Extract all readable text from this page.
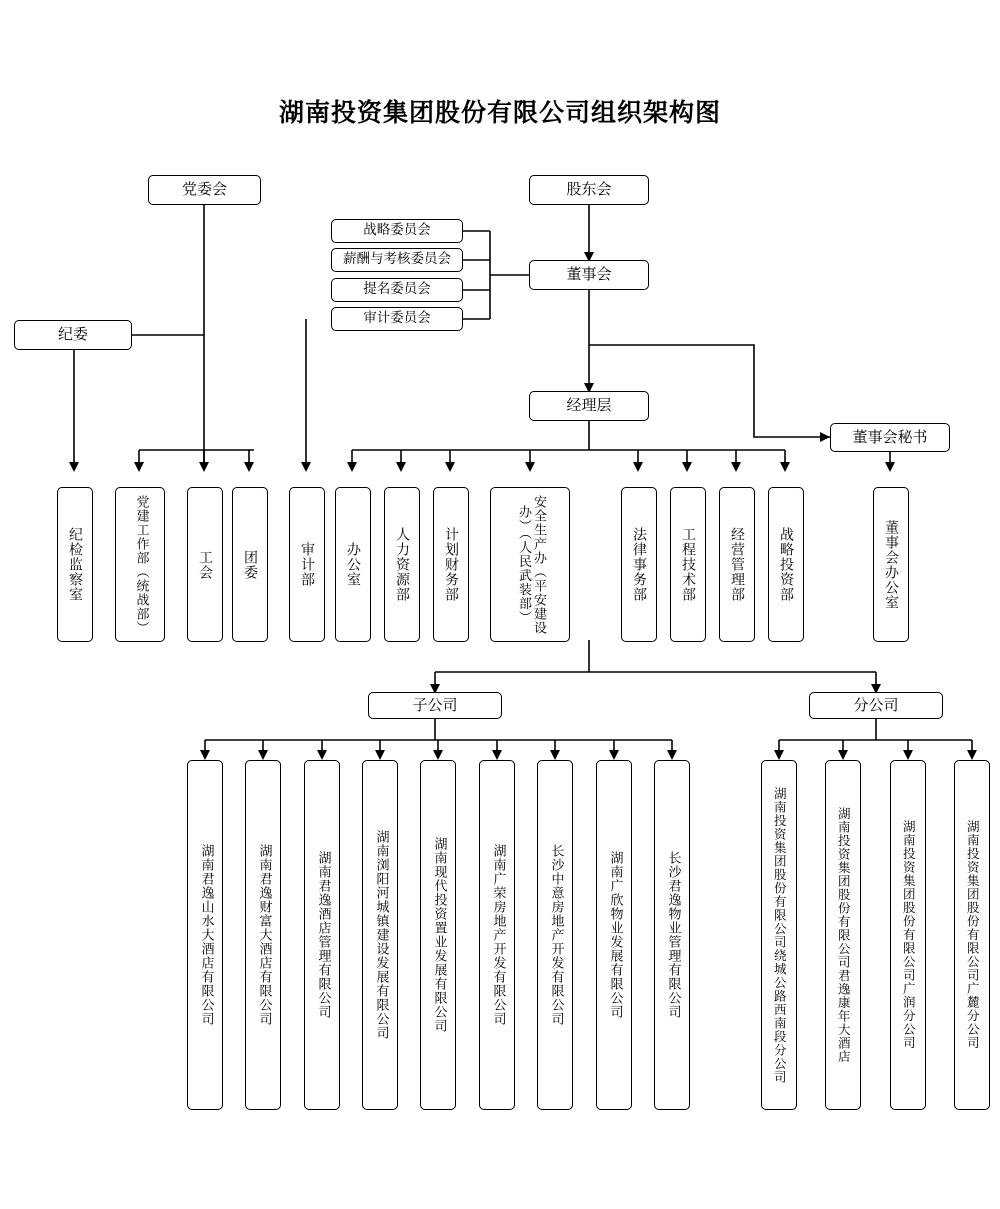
湖南投资集团股份有限公司组织架构图
党委会	股东会
董事会
纪委
经理层
董事会秘书
战略委员会
薪酬与考核委员会
提名委员会
审计委员会
纪检监察室	党建工作部（统战部）	工会	团委	审计部	办公室	人力资源部	计划财务部	安全生产办（平安建设办）（人民武装部）	法律事务部	工程技术部	经营管理部	战略投资部	董事会办公室
子公司	分公司
湖南君逸山水大酒店有限公司	湖南君逸财富大酒店有限公司	湖南君逸酒店管理有限公司	湖南浏阳河城镇建设发展有限公司	湖南现代投资置业发展有限公司	湖南广荣房地产开发有限公司	长沙中意房地产开发有限公司	湖南广欣物业发展有限公司	长沙君逸物业管理有限公司	湖南投资集团股份有限公司绕城公路西南段分公司	湖南投资集团股份有限公司君逸康年大酒店	湖南投资集团股份有限公司广润分公司	湖南投资集团股份有限公司广麓分公司
